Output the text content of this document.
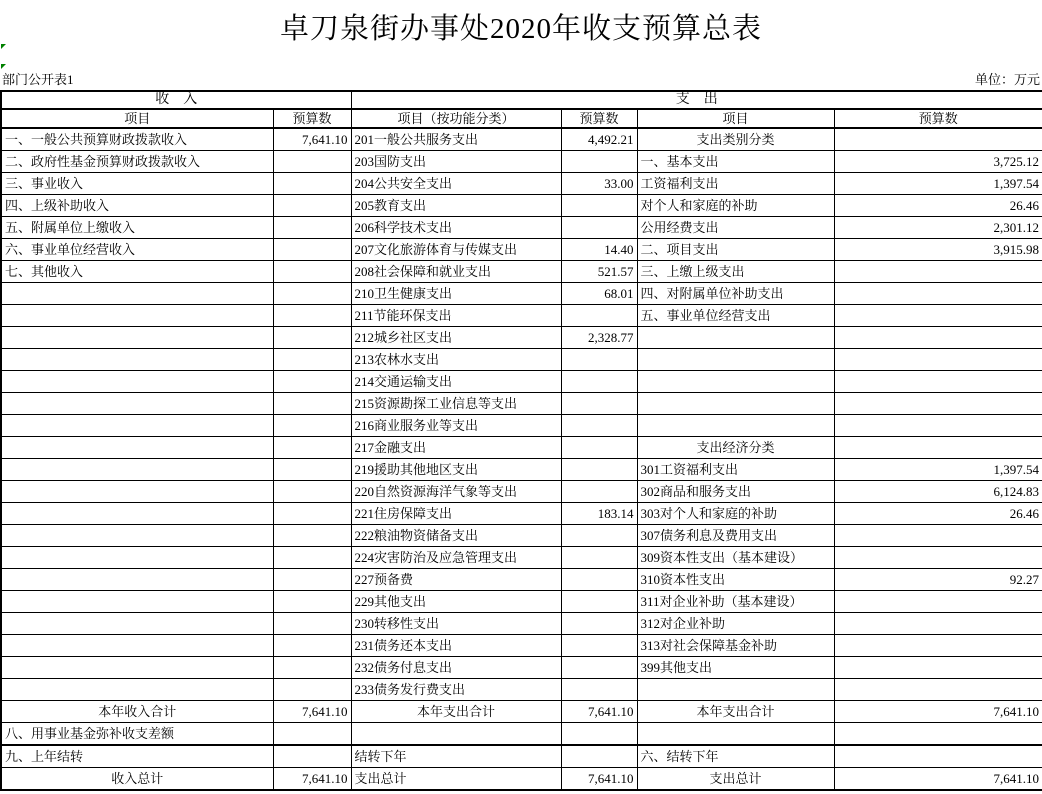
卓刀泉街办事处2020年收支预算总表
部门公开表1	单位：万元
收    入		支    出			
项目	预算数	项目（按功能分类）	预算数	项目	预算数
一、一般公共预算财政拨款收入	7,641.10	201一般公共服务支出	4,492.21	支出类别分类	
二、政府性基金预算财政拨款收入		203国防支出		一、基本支出	3,725.12
三、事业收入		204公共安全支出	33.00	工资福利支出	1,397.54
四、上级补助收入		205教育支出		对个人和家庭的补助	26.46
五、附属单位上缴收入		206科学技术支出		公用经费支出	2,301.12
六、事业单位经营收入		207文化旅游体育与传媒支出	14.40	二、项目支出	3,915.98
七、其他收入		208社会保障和就业支出	521.57	三、上缴上级支出	
		210卫生健康支出	68.01	四、对附属单位补助支出	
		211节能环保支出		五、事业单位经营支出	
		212城乡社区支出	2,328.77		
		213农林水支出			
		214交通运输支出			
		215资源勘探工业信息等支出			
		216商业服务业等支出			
		217金融支出		支出经济分类	
		219援助其他地区支出		301工资福利支出	1,397.54
		220自然资源海洋气象等支出		302商品和服务支出	6,124.83
		221住房保障支出	183.14	303对个人和家庭的补助	26.46
		222粮油物资储备支出		307债务利息及费用支出	
		224灾害防治及应急管理支出		309资本性支出（基本建设）	
		227预备费		310资本性支出	92.27
		229其他支出		311对企业补助（基本建设）	
		230转移性支出		312对企业补助	
		231债务还本支出		313对社会保障基金补助	
		232债务付息支出		399其他支出	
		233债务发行费支出			
本年收入合计	7,641.10	本年支出合计	7,641.10	本年支出合计	7,641.10
八、用事业基金弥补收支差额					
九、上年结转		结转下年		六、结转下年	
收入总计	7,641.10	支出总计	7,641.10	支出总计	7,641.10
